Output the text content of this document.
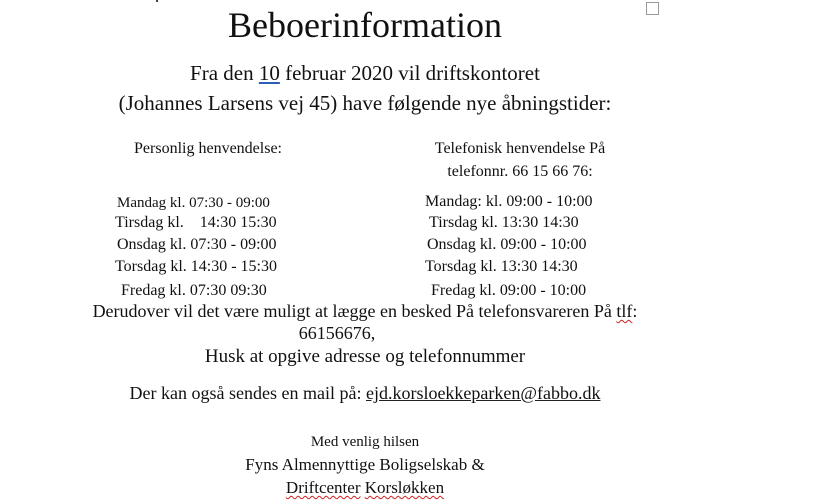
Beboerinformation
Fra den 10 februar 2020 vil driftskontoret
(Johannes Larsens vej 45) have følgende nye åbningstider:
Personlig henvendelse:	Telefonisk henvendelse På
telefonnr. 66 15 66 76:
Mandag kl. 07:30 - 09:00
Tirsdag kl.    14:30 15:30
Onsdag kl. 07:30 - 09:00
Torsdag kl. 14:30 - 15:30
Fredag kl. 07:30 09:30
Mandag: kl. 09:00 - 10:00
Tirsdag kl. 13:30 14:30
Onsdag kl. 09:00 - 10:00
Torsdag kl. 13:30 14:30
Fredag kl. 09:00 - 10:00
Derudover vil det være muligt at lægge en besked På telefonsvareren På tlf:
66156676,
Husk at opgive adresse og telefonnummer
Der kan også sendes en mail på: ejd.korsloekkeparken@fabbo.dk
Med venlig hilsen
Fyns Almennyttige Boligselskab &
Driftcenter Korsløkken
